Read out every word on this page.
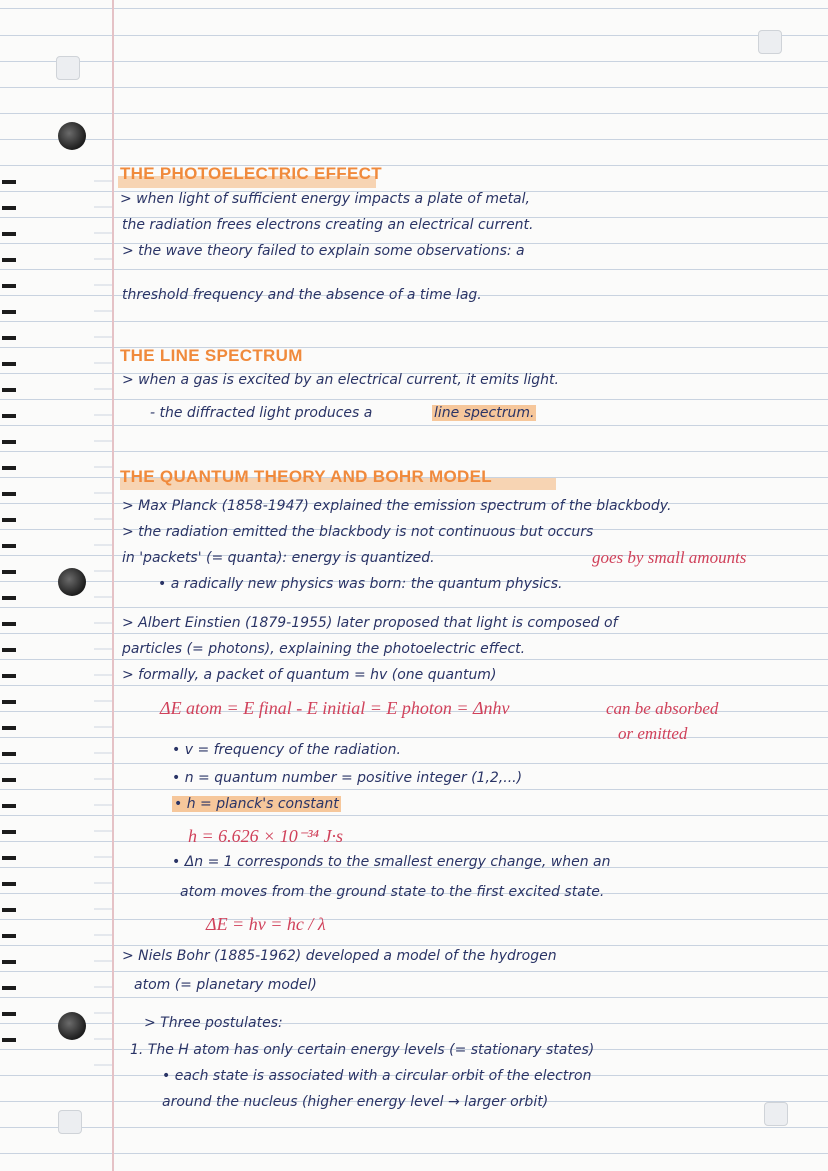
THE PHOTOELECTRIC EFFECT
> when light of sufficient energy impacts a plate of metal,
the radiation frees electrons creating an electrical current.
> the wave theory failed to explain some observations: a
threshold frequency and the absence of a time lag.
THE LINE SPECTRUM
> when a gas is excited by an electrical current, it emits light.
- the diffracted light produces a	line spectrum.
THE QUANTUM THEORY AND BOHR MODEL
> Max Planck (1858-1947) explained the emission spectrum of the blackbody.
> the radiation emitted the blackbody is not continuous but occurs
in 'packets' (= quanta): energy is quantized.	goes by small amounts
• a radically new physics was born: the quantum physics.
> Albert Einstien (1879-1955) later proposed that light is composed of
particles (= photons), explaining the photoelectric effect.
> formally, a packet of quantum = hv (one quantum)
ΔE atom = E final - E initial = E photon = Δnhv	can be absorbed
or emitted
• v = frequency of the radiation.
• n = quantum number = positive integer (1,2,...)
• h = planck's constant
h = 6.626 × 10⁻³⁴ J·s
• Δn = 1 corresponds to the smallest energy change, when an
atom moves from the ground state to the first excited state.
ΔE = hv = hc / λ
> Niels Bohr (1885-1962) developed a model of the hydrogen
atom (= planetary model)
> Three postulates:
1. The H atom has only certain energy levels (= stationary states)
• each state is associated with a circular orbit of the electron
around the nucleus (higher energy level → larger orbit)
